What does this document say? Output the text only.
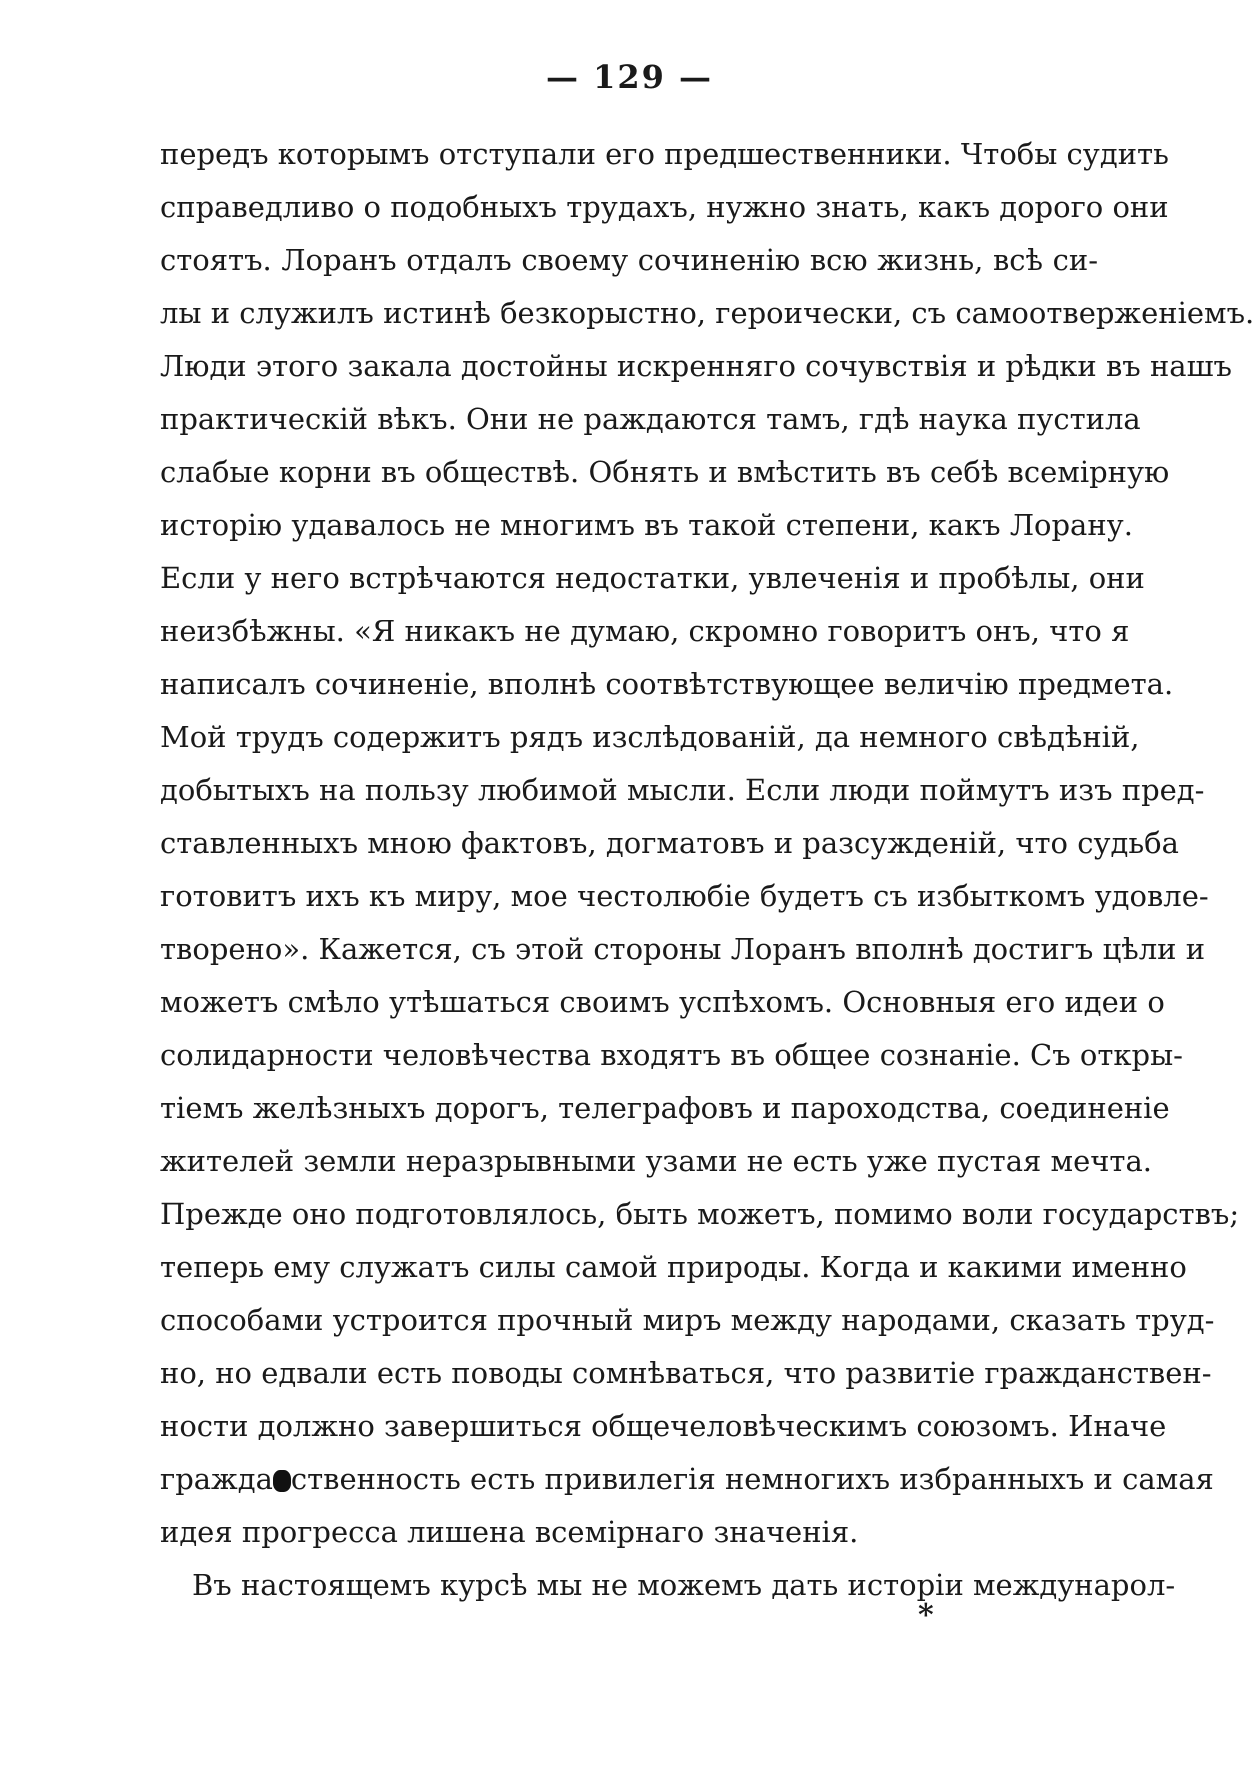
— 129 —
передъ которымъ отступали его предшественники. Чтобы судить
справедливо о подобныхъ трудахъ, нужно знать, какъ дорого они
стоятъ. Лоранъ отдалъ своему сочиненію всю жизнь, всѣ си-
лы и служилъ истинѣ безкорыстно, героически, съ самоотверженіемъ.
Люди этого закала достойны искренняго сочувствія и рѣдки въ нашъ
практическій вѣкъ. Они не раждаются тамъ, гдѣ наука пустила
слабые корни въ обществѣ. Обнять и вмѣстить въ себѣ всемірную
исторію удавалось не многимъ въ такой степени, какъ Лорану.
Если у него встрѣчаются недостатки, увлеченія и пробѣлы, они
неизбѣжны. «Я никакъ не думаю, скромно говоритъ онъ, что я
написалъ сочиненіе, вполнѣ соотвѣтствующее величію предмета.
Мой трудъ содержитъ рядъ изслѣдованій, да немного свѣдѣній,
добытыхъ на пользу любимой мысли. Если люди поймутъ изъ пред-
ставленныхъ мною фактовъ, догматовъ и разсужденій, что судьба
готовитъ ихъ къ миру, мое честолюбіе будетъ съ избыткомъ удовле-
творено». Кажется, съ этой стороны Лоранъ вполнѣ достигъ цѣли и
можетъ смѣло утѣшаться своимъ успѣхомъ. Основныя его идеи о
солидарности человѣчества входятъ въ общее сознаніе. Съ откры-
тіемъ желѣзныхъ дорогъ, телеграфовъ и пароходства, соединеніе
жителей земли неразрывными узами не есть уже пустая мечта.
Прежде оно подготовлялось, быть можетъ, помимо воли государствъ;
теперь ему служатъ силы самой природы. Когда и какими именно
способами устроится прочный миръ между народами, сказать труд-
но, но едвали есть поводы сомнѣваться, что развитіе гражданствен-
ности должно завершиться общечеловѣческимъ союзомъ. Иначе
гражда ственность есть привилегія немногихъ избранныхъ и самая
идея прогресса лишена всемірнаго значенія.
Въ настоящемъ курсѣ мы не можемъ дать исторіи междунарол-
*
